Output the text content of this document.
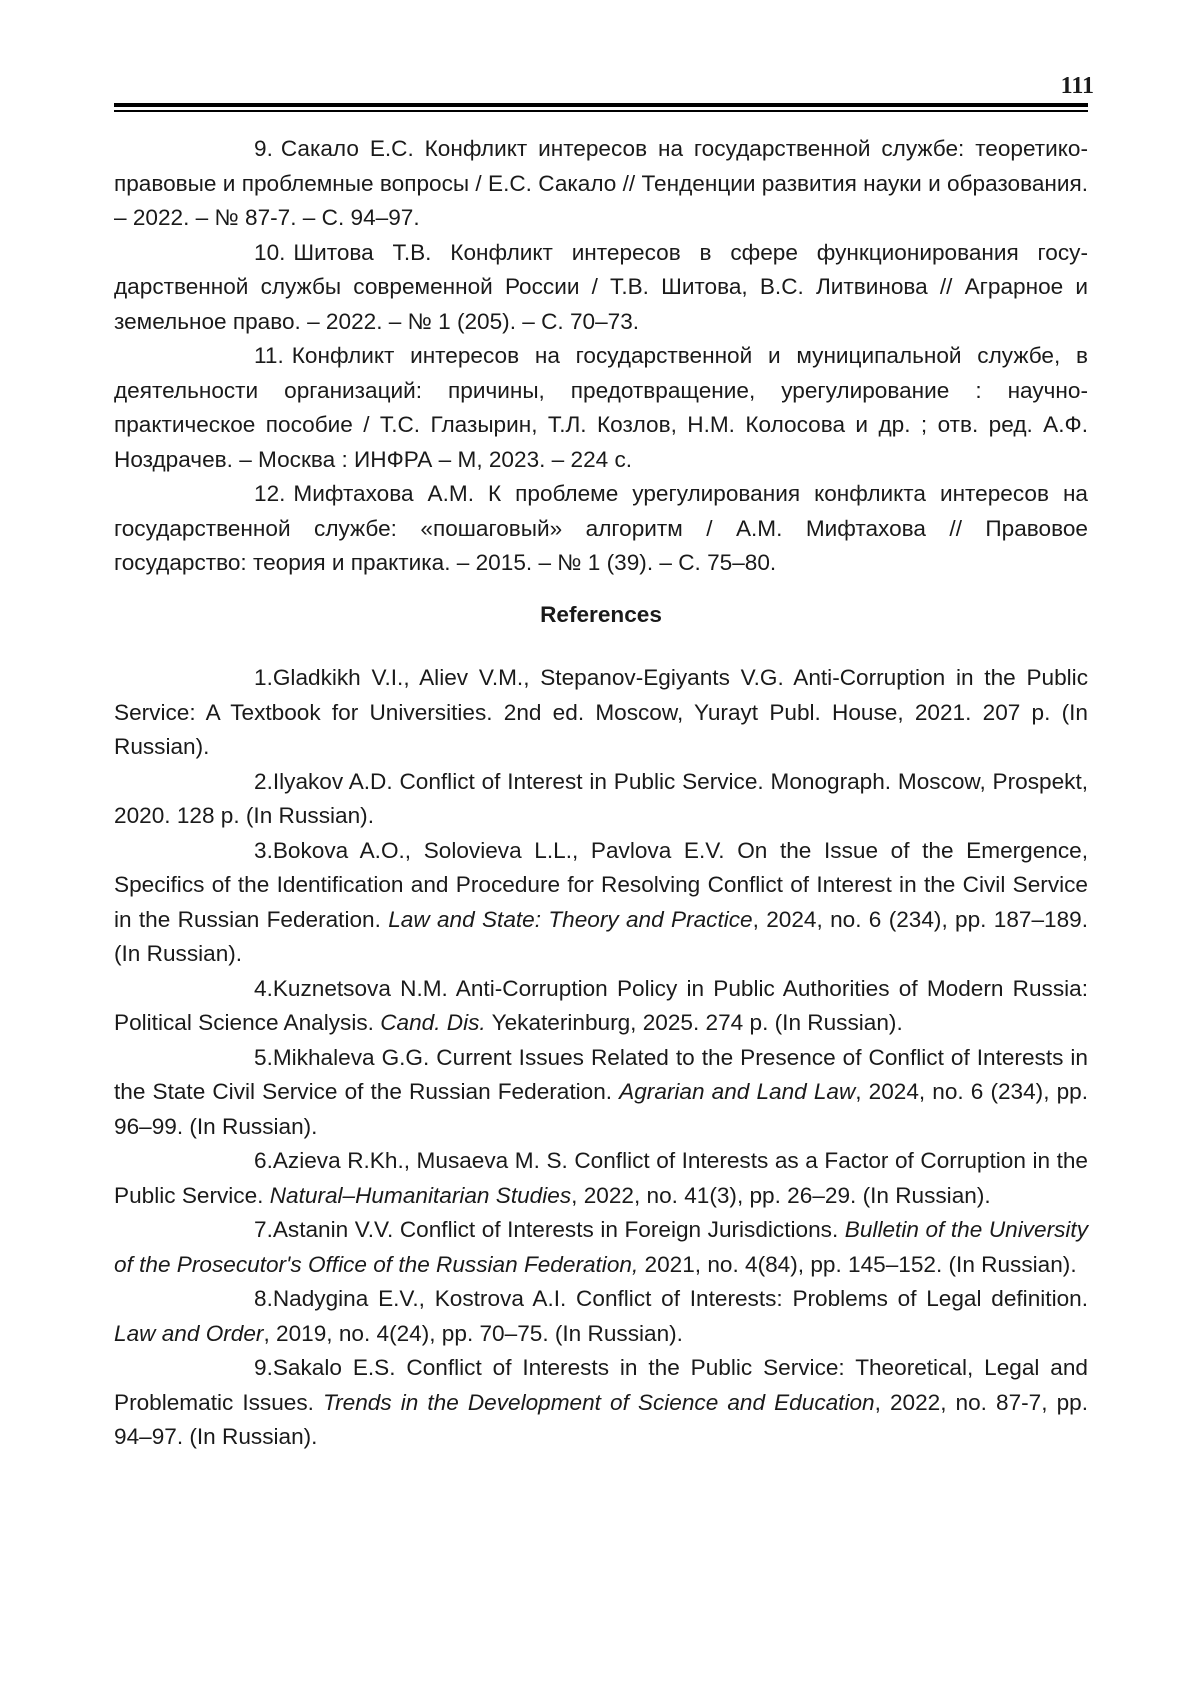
111

9. Сакало Е.С. Конфликт интересов на государственной службе: теоретико-правовые и проблемные вопросы / Е.С. Сакало // Тенденции развития науки и образования. – 2022. – № 87-7. – С. 94–97.

10. Шитова Т.В. Конфликт интересов в сфере функционирования государственной службы современной России / Т.В. Шитова, В.С. Литвинова // Аграрное и земельное право. – 2022. – № 1 (205). – С. 70–73.

11. Конфликт интересов на государственной и муниципальной службе, в деятельности организаций: причины, предотвращение, урегулирование : научно-практическое пособие / Т.С. Глазырин, Т.Л. Козлов, Н.М. Колосова и др. ; отв. ред. А.Ф. Ноздрачев. – Москва : ИНФРА – М, 2023. – 224 с.

12. Мифтахова А.М. К проблеме урегулирования конфликта интересов на государственной службе: «пошаговый» алгоритм / А.М. Мифтахова // Правовое государство: теория и практика. – 2015. – № 1 (39). – С. 75–80.

References

1.Gladkikh V.I., Aliev V.M., Stepanov-Egiyants V.G. Anti-Corruption in the Public Service: A Textbook for Universities. 2nd ed. Moscow, Yurayt Publ. House, 2021. 207 p. (In Russian).

2.Ilyakov A.D. Conflict of Interest in Public Service. Monograph. Moscow, Prospekt, 2020. 128 p. (In Russian).

3.Bokova A.O., Solovieva L.L., Pavlova E.V. On the Issue of the Emergence, Specifics of the Identification and Procedure for Resolving Conflict of Interest in the Civil Service in the Russian Federation. Law and State: Theory and Practice, 2024, no. 6 (234), pp. 187–189. (In Russian).

4.Kuznetsova N.M. Anti-Corruption Policy in Public Authorities of Modern Russia: Political Science Analysis. Cand. Dis. Yekaterinburg, 2025. 274 p. (In Russian).

5.Mikhaleva G.G. Current Issues Related to the Presence of Conflict of Interests in the State Civil Service of the Russian Federation. Agrarian and Land Law, 2024, no. 6 (234), pp. 96–99. (In Russian).

6.Azieva R.Kh., Musaeva M. S. Conflict of Interests as a Factor of Corruption in the Public Service. Natural–Humanitarian Studies, 2022, no. 41(3), pp. 26–29. (In Russian).

7.Astanin V.V. Conflict of Interests in Foreign Jurisdictions. Bulletin of the University of the Prosecutor's Office of the Russian Federation, 2021, no. 4(84), pp. 145–152. (In Russian).

8.Nadygina E.V., Kostrova A.I. Conflict of Interests: Problems of Legal definition. Law and Order, 2019, no. 4(24), pp. 70–75. (In Russian).

9.Sakalo E.S. Conflict of Interests in the Public Service: Theoretical, Legal and Problematic Issues. Trends in the Development of Science and Education, 2022, no. 87-7, pp. 94–97. (In Russian).
